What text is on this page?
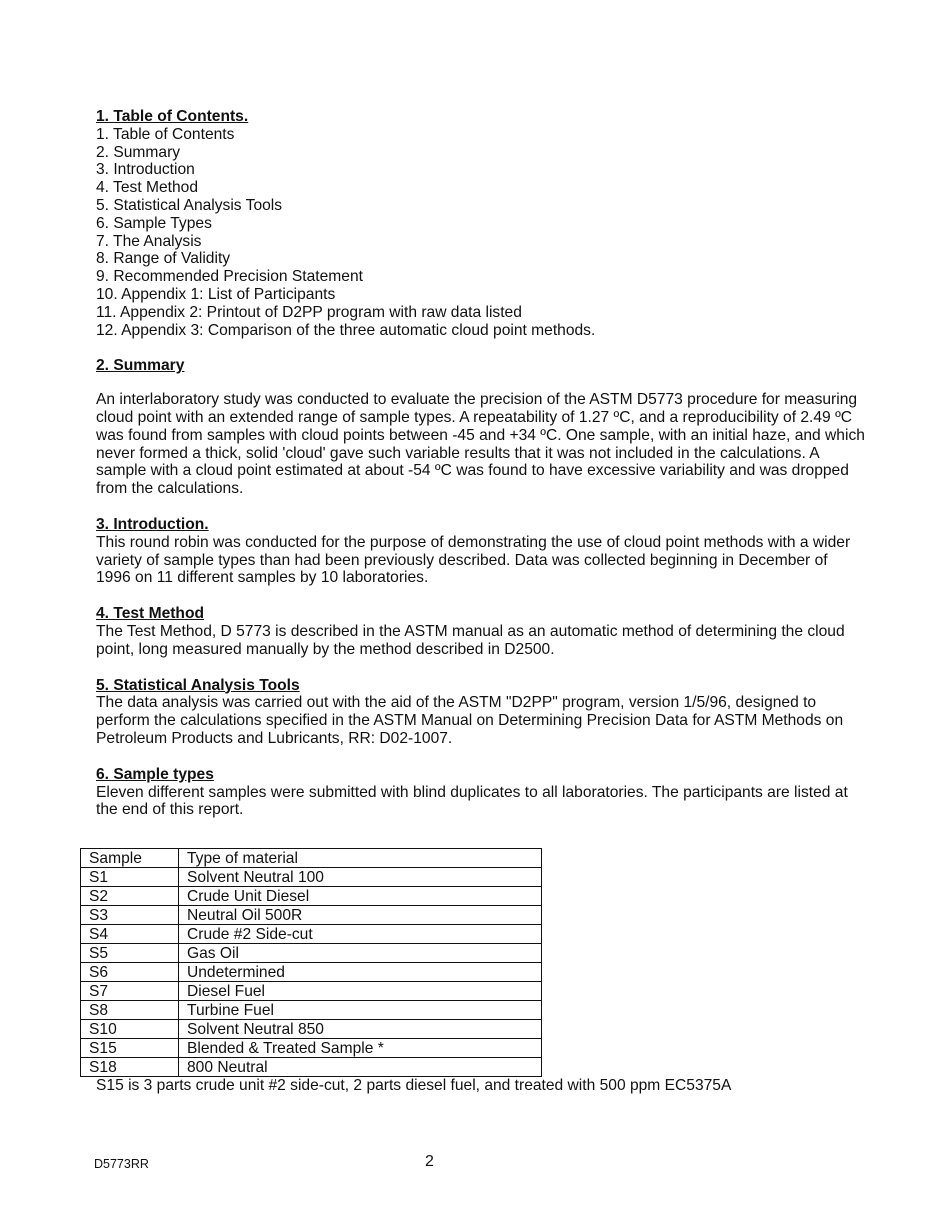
1. Table of Contents.

1. Table of Contents
2. Summary
3. Introduction
4. Test Method
5. Statistical Analysis Tools
6. Sample Types
7. The Analysis
8. Range of Validity
9. Recommended Precision Statement
10. Appendix 1: List of Participants
11. Appendix 2: Printout of D2PP program with raw data listed
12. Appendix 3: Comparison of the three automatic cloud point methods.

2. Summary

An interlaboratory study was conducted to evaluate the precision of the ASTM D5773 procedure for measuring cloud point with an extended range of sample types. A repeatability of 1.27 ºC, and a reproducibility of 2.49 ºC was found from samples with cloud points between -45 and +34 ºC. One sample, with an initial haze, and which never formed a thick, solid 'cloud' gave such variable results that it was not included in the calculations. A sample with a cloud point estimated at about -54 ºC was found to have excessive variability and was dropped from the calculations.

3. Introduction.

This round robin was conducted for the purpose of demonstrating the use of cloud point methods with a wider variety of sample types than had been previously described. Data was collected beginning in December of 1996 on 11 different samples by 10 laboratories.

4. Test Method

The Test Method, D 5773 is described in the ASTM manual as an automatic method of determining the cloud point, long measured manually by the method described in D2500.

5. Statistical Analysis Tools

The data analysis was carried out with the aid of the ASTM "D2PP" program, version 1/5/96, designed to perform the calculations specified in the ASTM Manual on Determining Precision Data for ASTM Methods on Petroleum Products and Lubricants, RR: D02-1007.

6. Sample types

Eleven different samples were submitted with blind duplicates to all laboratories. The participants are listed at the end of this report.

Sample	Type of material
S1	Solvent Neutral 100
S2	Crude Unit Diesel
S3	Neutral Oil 500R
S4	Crude #2 Side-cut
S5	Gas Oil
S6	Undetermined
S7	Diesel Fuel
S8	Turbine Fuel
S10	Solvent Neutral 850
S15	Blended & Treated Sample *
S18	800 Neutral

S15 is 3 parts crude unit #2 side-cut, 2 parts diesel fuel, and treated with 500 ppm EC5375A

D5773RR	2
